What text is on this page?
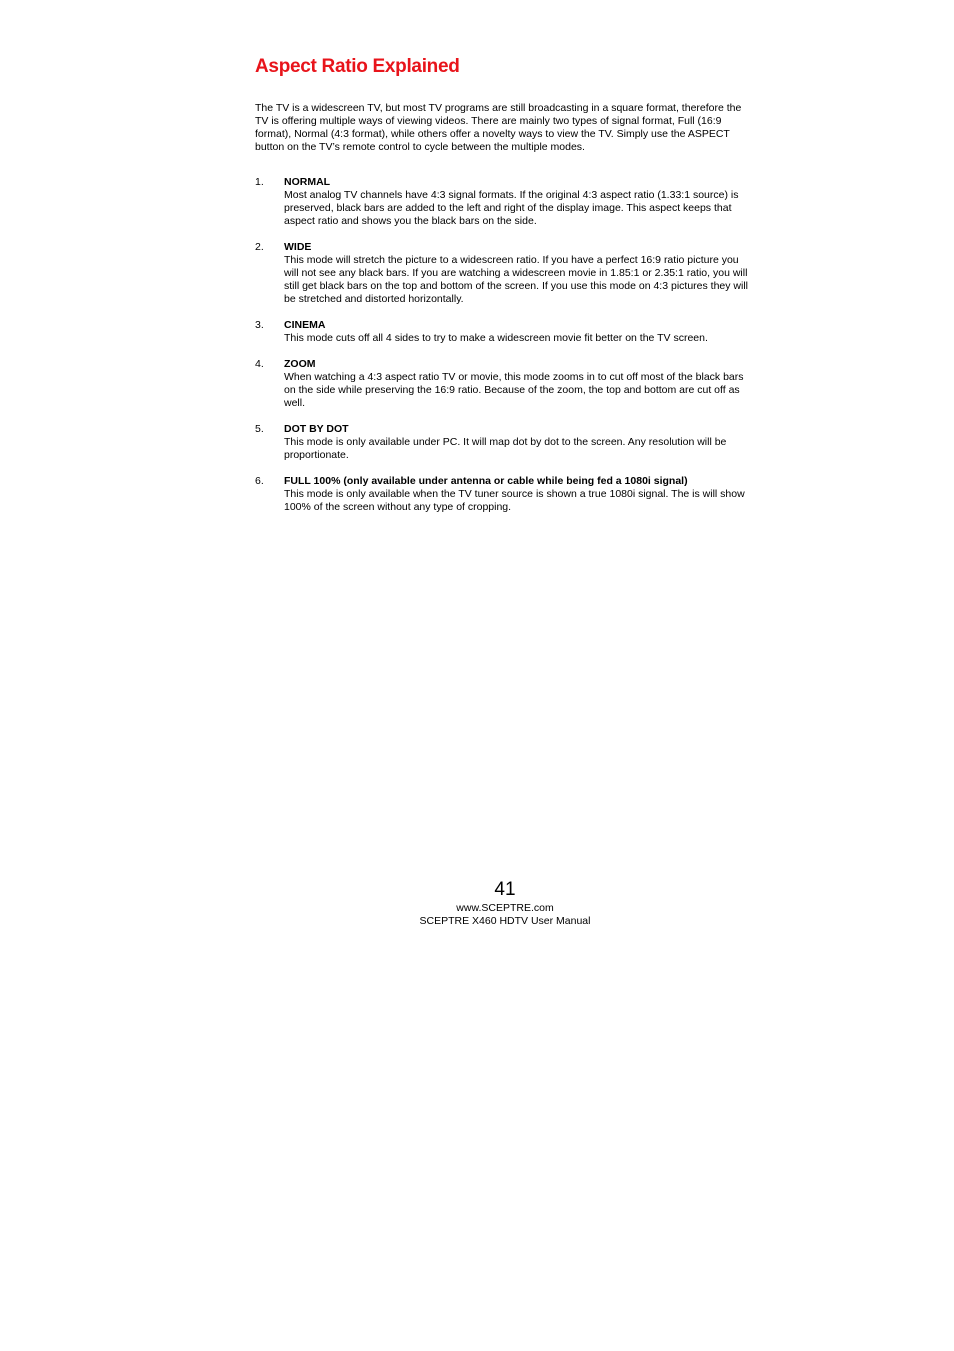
Aspect Ratio Explained

The TV is a widescreen TV, but most TV programs are still broadcasting in a square format, therefore the TV is offering multiple ways of viewing videos. There are mainly two types of signal format, Full (16:9 format), Normal (4:3 format), while others offer a novelty ways to view the TV. Simply use the ASPECT button on the TV’s remote control to cycle between the multiple modes.

1. NORMAL
Most analog TV channels have 4:3 signal formats. If the original 4:3 aspect ratio (1.33:1 source) is preserved, black bars are added to the left and right of the display image. This aspect keeps that aspect ratio and shows you the black bars on the side.
2. WIDE
This mode will stretch the picture to a widescreen ratio. If you have a perfect 16:9 ratio picture you will not see any black bars. If you are watching a widescreen movie in 1.85:1 or 2.35:1 ratio, you will still get black bars on the top and bottom of the screen. If you use this mode on 4:3 pictures they will be stretched and distorted horizontally.
3. CINEMA
This mode cuts off all 4 sides to try to make a widescreen movie fit better on the TV screen.
4. ZOOM
When watching a 4:3 aspect ratio TV or movie, this mode zooms in to cut off most of the black bars on the side while preserving the 16:9 ratio. Because of the zoom, the top and bottom are cut off as well.
5. DOT BY DOT
This mode is only available under PC. It will map dot by dot to the screen. Any resolution will be proportionate.
6. FULL 100% (only available under antenna or cable while being fed a 1080i signal)
This mode is only available when the TV tuner source is shown a true 1080i signal. The is will show 100% of the screen without any type of cropping.
41
www.SCEPTRE.com
SCEPTRE X460 HDTV User Manual
